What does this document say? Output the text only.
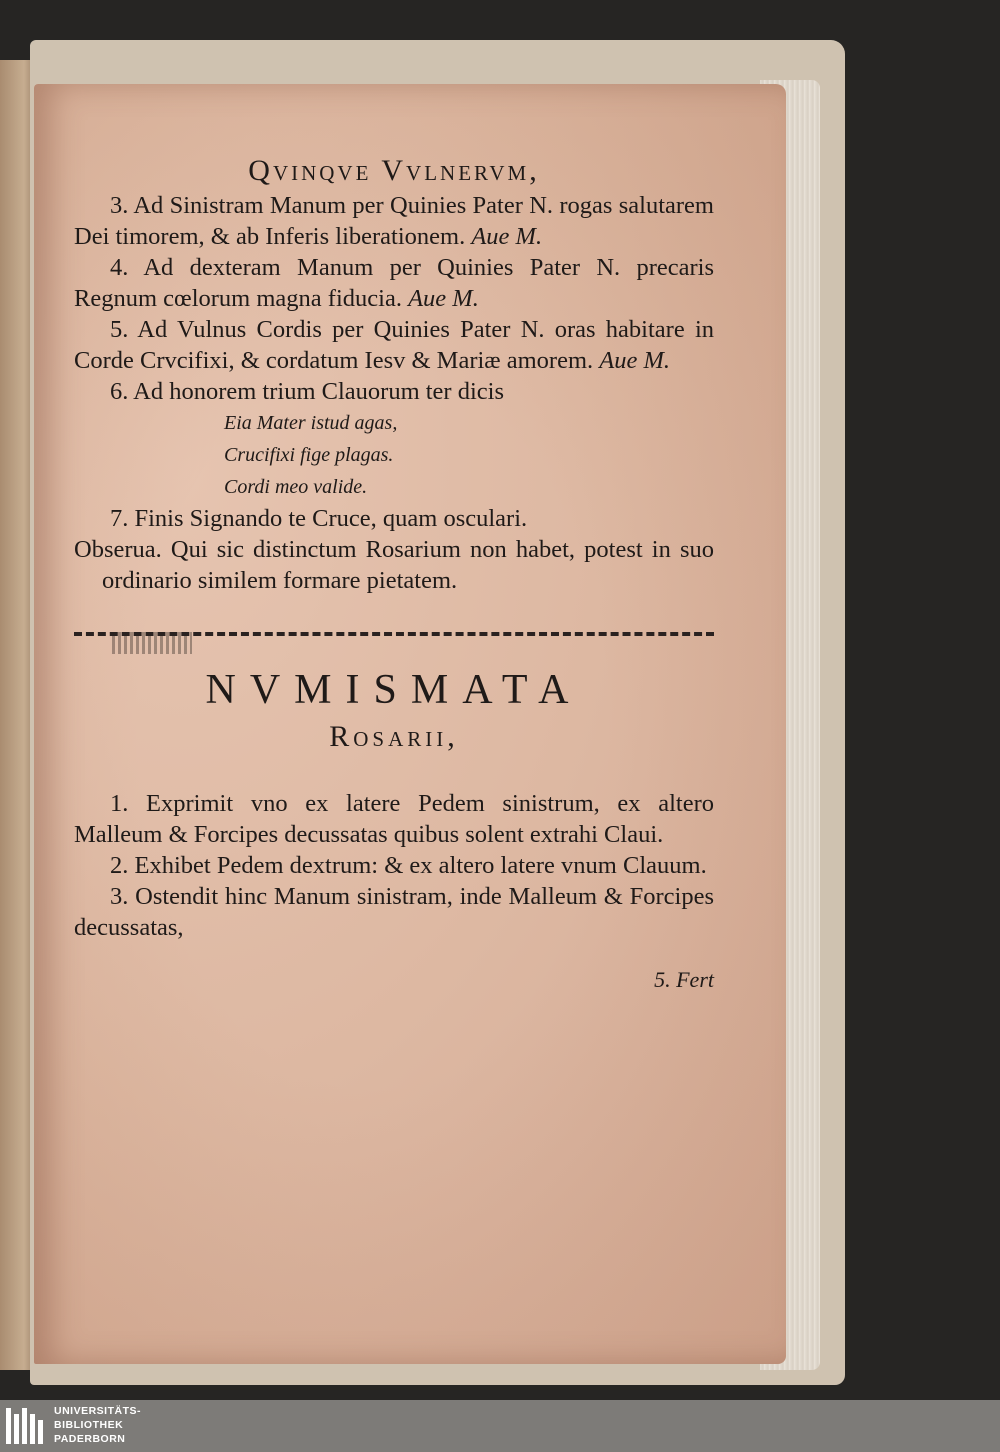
Qvinqve Vvlnervm,

3. Ad Sinistram Manum per Quinies Pater N. rogas salutarem Dei timorem, & ab Inferis liberationem. Aue M.

4. Ad dexteram Manum per Quinies Pater N. precaris Regnum cœlorum magna fiducia. Aue M.

5. Ad Vulnus Cordis per Quinies Pater N. oras habitare in Corde Crvcifixi, & cordatum Iesv & Mariæ amorem. Aue M.

6. Ad honorem trium Clauorum ter dicis

Eia Mater istud agas,
Crucifixi fige plagas.
Cordi meo valide.

7. Finis Signando te Cruce, quam osculari.

Obserua. Qui sic distinctum Rosarium non habet, potest in suo ordinario similem formare pietatem.

NVMISMATA
Rosarii,

1. Exprimit vno ex latere Pedem sinistrum, ex altero Malleum & Forcipes decussatas quibus solent extrahi Claui.

2. Exhibet Pedem dextrum: & ex altero latere vnum Clauum.

3. Ostendit hinc Manum sinistram, inde Malleum & Forcipes decussatas,

5. Fert
UNIVERSITÄTS-
BIBLIOTHEK
PADERBORN
